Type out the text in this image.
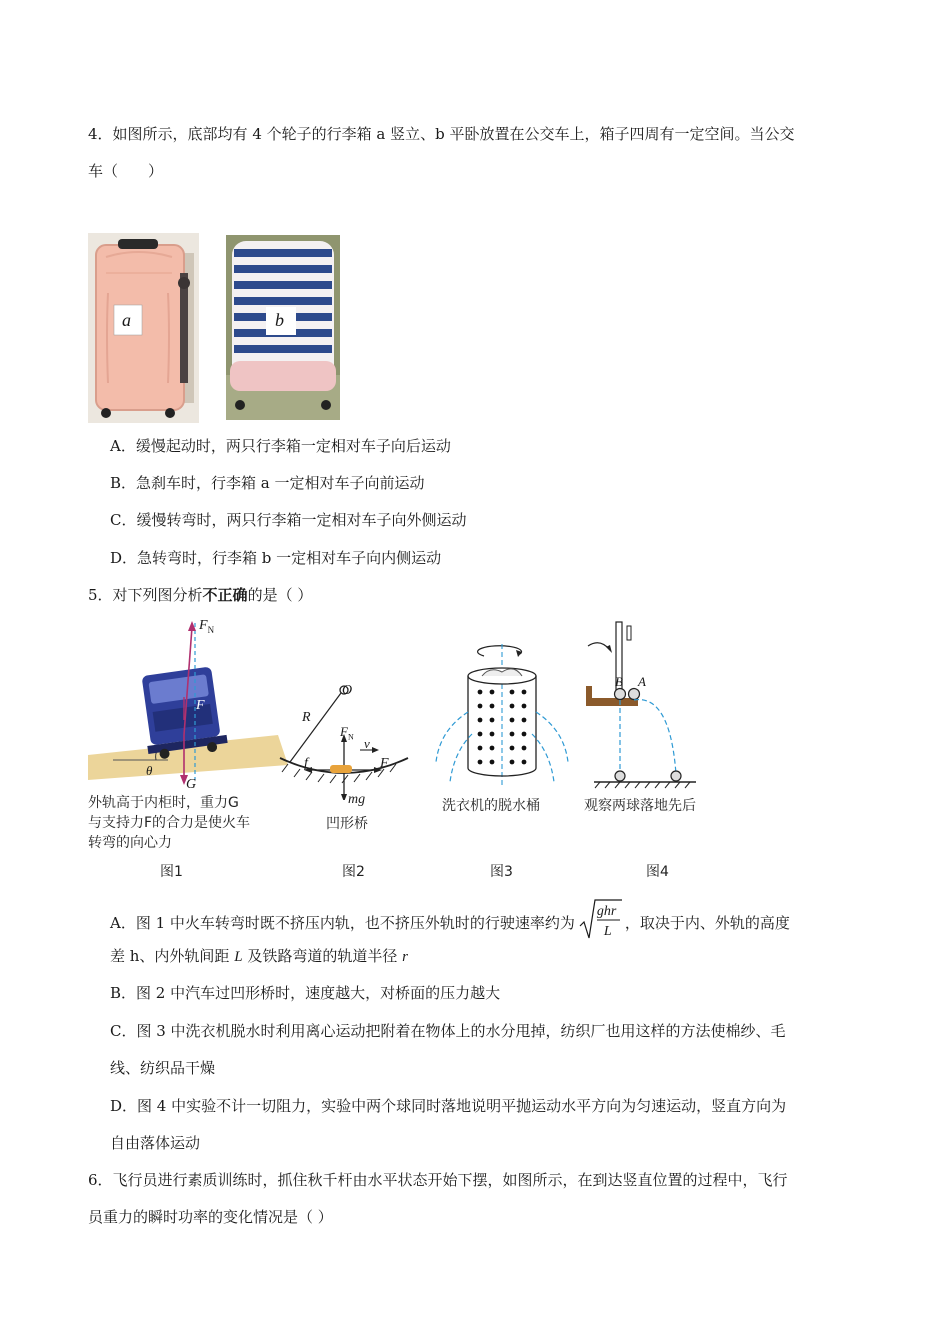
4．如图所示，底部均有 4 个轮子的行李箱 a 竖立、b 平卧放置在公交车上，箱子四周有一定空间。当公交
车（　　）
a	b
A．缓慢起动时，两只行李箱一定相对车子向后运动
B．急刹车时，行李箱 a 一定相对车子向前运动
C．缓慢转弯时，两只行李箱一定相对车子向外侧运动
D．急转弯时，行李箱 b 一定相对车子向内侧运动
5．对下列图分析不正确的是（ ）
$F_N$
F
θ
G
外轨高于内柜时，重力G
与支持力F的合力是使火车
转弯的向心力
图1
O
R
$F_N$ v
f	F
mg
凹形桥
图2
洗衣机的脱水桶
图3
B A
观察两球落地先后
图4
A．图 1 中火车转弯时既不挤压内轨，也不挤压外轨时的行驶速率约为
ghr
L ，取决于内、外轨的高度
差 h、内外轨间距 L 及铁路弯道的轨道半径 r
B．图 2 中汽车过凹形桥时，速度越大，对桥面的压力越大
C．图 3 中洗衣机脱水时利用离心运动把附着在物体上的水分甩掉，纺织厂也用这样的方法使棉纱、毛
线、纺织品干燥
D．图 4 中实验不计一切阻力，实验中两个球同时落地说明平抛运动水平方向为匀速运动，竖直方向为
自由落体运动
6．飞行员进行素质训练时，抓住秋千杆由水平状态开始下摆，如图所示，在到达竖直位置的过程中，飞行
员重力的瞬时功率的变化情况是（ ）
